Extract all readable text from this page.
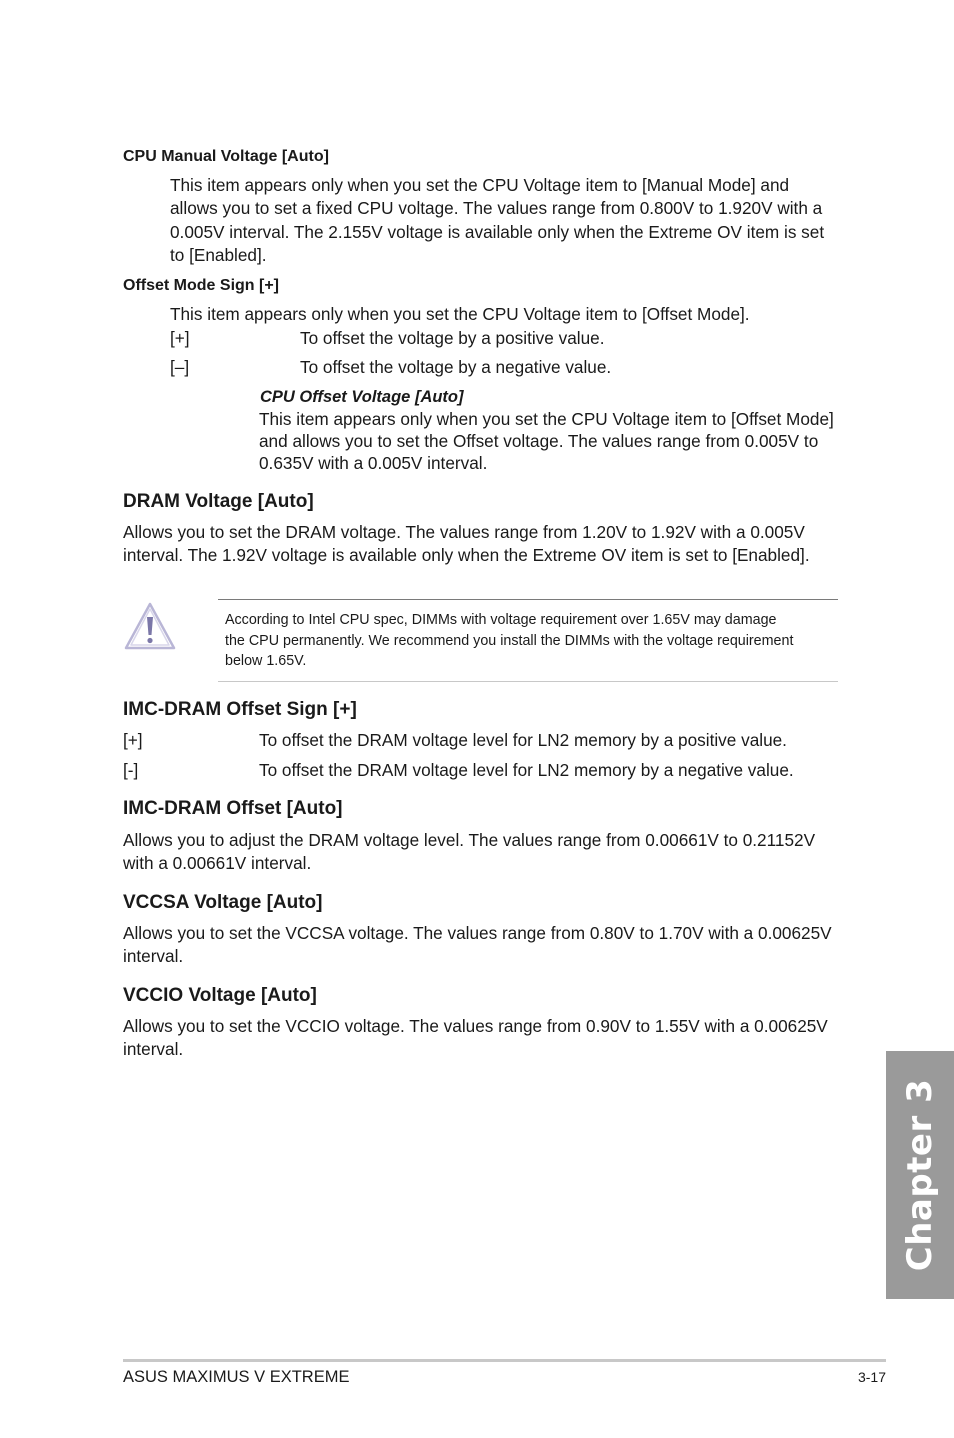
CPU Manual Voltage [Auto]
This item appears only when you set the CPU Voltage item to [Manual Mode] and
allows you to set a fixed CPU voltage. The values range from 0.800V to 1.920V with a
0.005V interval. The 2.155V voltage is available only when the Extreme OV item is set
to [Enabled].
Offset Mode Sign [+]
This item appears only when you set the CPU Voltage item to [Offset Mode].
[+]	To offset the voltage by a positive value.
[–]	To offset the voltage by a negative value.
CPU Offset Voltage [Auto]
This item appears only when you set the CPU Voltage item to [Offset Mode]
and allows you to set the Offset voltage. The values range from 0.005V to
0.635V with a 0.005V interval.
DRAM Voltage [Auto]
Allows you to set the DRAM voltage. The values range from 1.20V to 1.92V with a 0.005V
interval. The 1.92V voltage is available only when the Extreme OV item is set to [Enabled].
According to Intel CPU spec, DIMMs with voltage requirement over 1.65V may damage
the CPU permanently. We recommend you install the DIMMs with the voltage requirement
below 1.65V.
IMC-DRAM Offset Sign [+]
[+]	To offset the DRAM voltage level for LN2 memory by a positive value.
[-]	To offset the DRAM voltage level for LN2 memory by a negative value.
IMC-DRAM Offset [Auto]
Allows you to adjust the DRAM voltage level. The values range from 0.00661V to 0.21152V
with a 0.00661V interval.
VCCSA Voltage [Auto]
Allows you to set the VCCSA voltage. The values range from 0.80V to 1.70V with a 0.00625V
interval.
VCCIO Voltage [Auto]
Allows you to set the VCCIO voltage. The values range from 0.90V to 1.55V with a 0.00625V
interval.
Chapter 3
ASUS MAXIMUS V EXTREME	3-17
